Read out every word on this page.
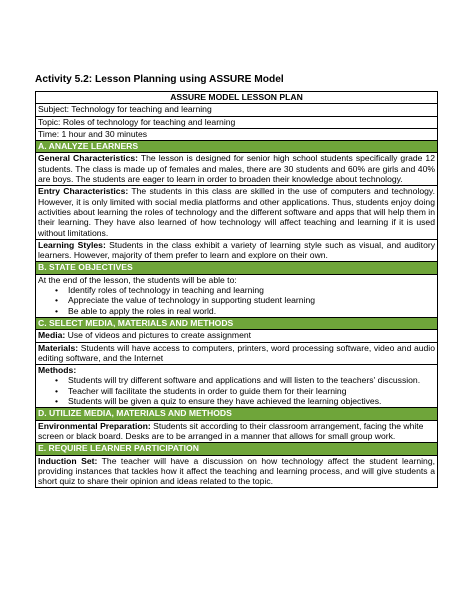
Activity 5.2: Lesson Planning using ASSURE Model
ASSURE MODEL LESSON PLAN
Subject: Technology for teaching and learning
Topic: Roles of technology for teaching and learning
Time: 1 hour and 30 minutes
A. ANALYZE LEARNERS
General Characteristics: The lesson is designed for senior high school students specifically grade 12 students. The class is made up of females and males, there are 30 students and 60% are girls and 40% are boys. The students are eager to learn in order to broaden their knowledge about technology.
Entry Characteristics: The students in this class are skilled in the use of computers and technology. However, it is only limited with social media platforms and other applications. Thus, students enjoy doing activities about learning the roles of technology and the different software and apps that will help them in their learning. They have also learned of how technology will affect teaching and learning if it is used without limitations.
Learning Styles: Students in the class exhibit a variety of learning style such as visual, and auditory learners. However, majority of them prefer to learn and explore on their own.
B. STATE OBJECTIVES

At the end of the lesson, the students will be able to:

• Identify roles of technology in teaching and learning
• Appreciate the value of technology in supporting student learning
• Be able to apply the roles in real world.

C. SELECT MEDIA, MATERIALS AND METHODS
Media: Use of videos and pictures to create assignment
Materials: Students will have access to computers, printers, word processing software, video and audio editing software, and the Internet

Methods:

• Students will try different software and applications and will listen to the teachers' discussion.
• Teacher will facilitate the students in order to guide them for their learning
• Students will be given a quiz to ensure they have achieved the learning objectives.

D. UTILIZE MEDIA, MATERIALS AND METHODS
Environmental Preparation: Students sit according to their classroom arrangement, facing the white screen or black board. Desks are to be arranged in a manner that allows for small group work.
E. REQUIRE LEARNER PARTICIPATION
Induction Set: The teacher will have a discussion on how technology affect the student learning, providing instances that tackles how it affect the teaching and learning process, and will give students a short quiz to share their opinion and ideas related to the topic.
